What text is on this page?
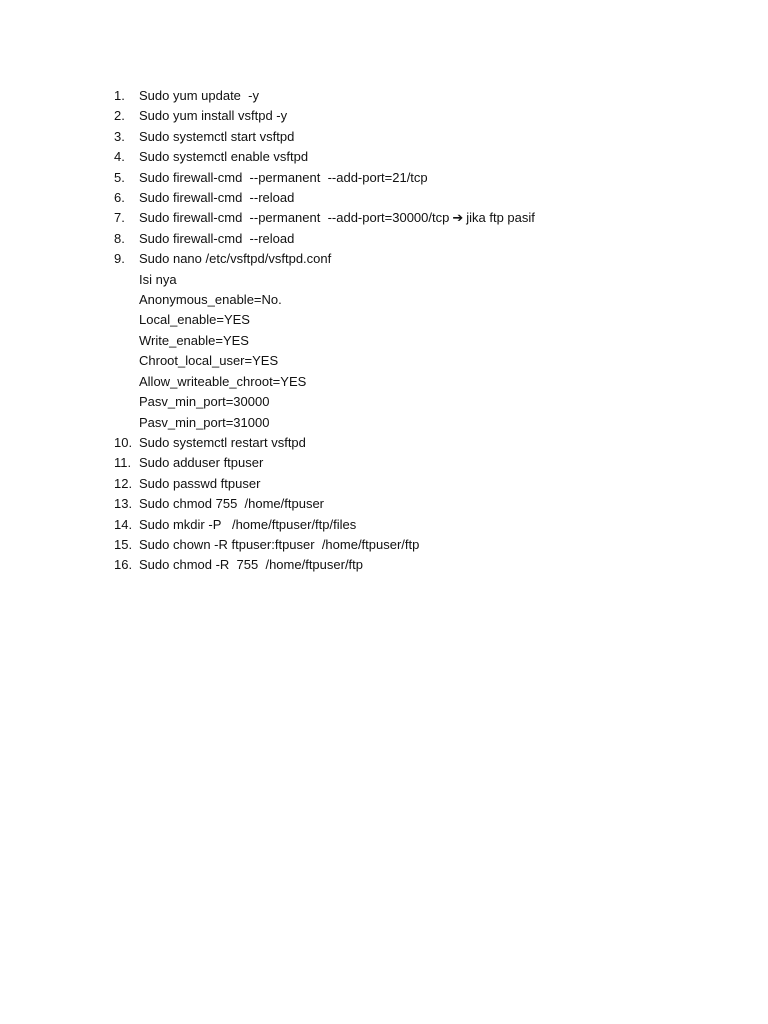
1.	Sudo yum update  -y
2.	Sudo yum install vsftpd -y
3.	Sudo systemctl start vsftpd
4.	Sudo systemctl enable vsftpd
5.	Sudo firewall-cmd  --permanent  --add-port=21/tcp
6.	Sudo firewall-cmd  --reload
7.	Sudo firewall-cmd  --permanent  --add-port=30000/tcp ➔ jika ftp pasif
8.	Sudo firewall-cmd  --reload
9.	Sudo nano /etc/vsftpd/vsftpd.conf
Isi nya
Anonymous_enable=No.
Local_enable=YES
Write_enable=YES
Chroot_local_user=YES
Allow_writeable_chroot=YES
Pasv_min_port=30000
Pasv_min_port=31000
10. Sudo systemctl restart vsftpd
11. Sudo adduser ftpuser
12. Sudo passwd ftpuser
13. Sudo chmod 755  /home/ftpuser
14. Sudo mkdir -P   /home/ftpuser/ftp/files
15. Sudo chown -R ftpuser:ftpuser  /home/ftpuser/ftp
16. Sudo chmod -R  755  /home/ftpuser/ftp
